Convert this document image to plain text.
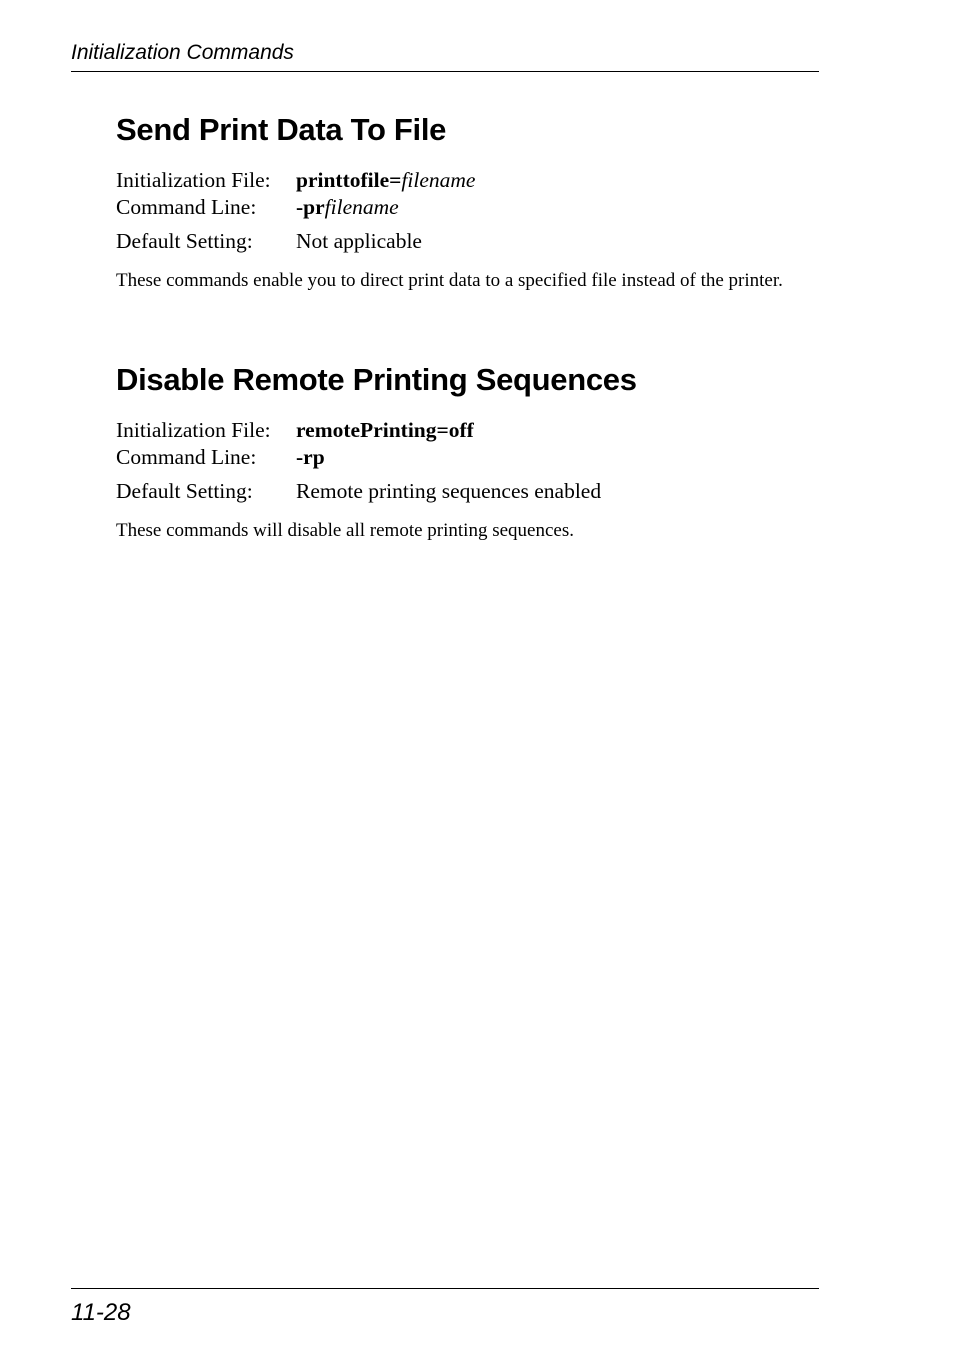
Initialization Commands
Send Print Data To File
Initialization File: printtofile=filename
Command Line: -prfilename
Default Setting: Not applicable
These commands enable you to direct print data to a specified file instead of the printer.
Disable Remote Printing Sequences
Initialization File: remotePrinting=off
Command Line: -rp
Default Setting: Remote printing sequences enabled
These commands will disable all remote printing sequences.
11-28
